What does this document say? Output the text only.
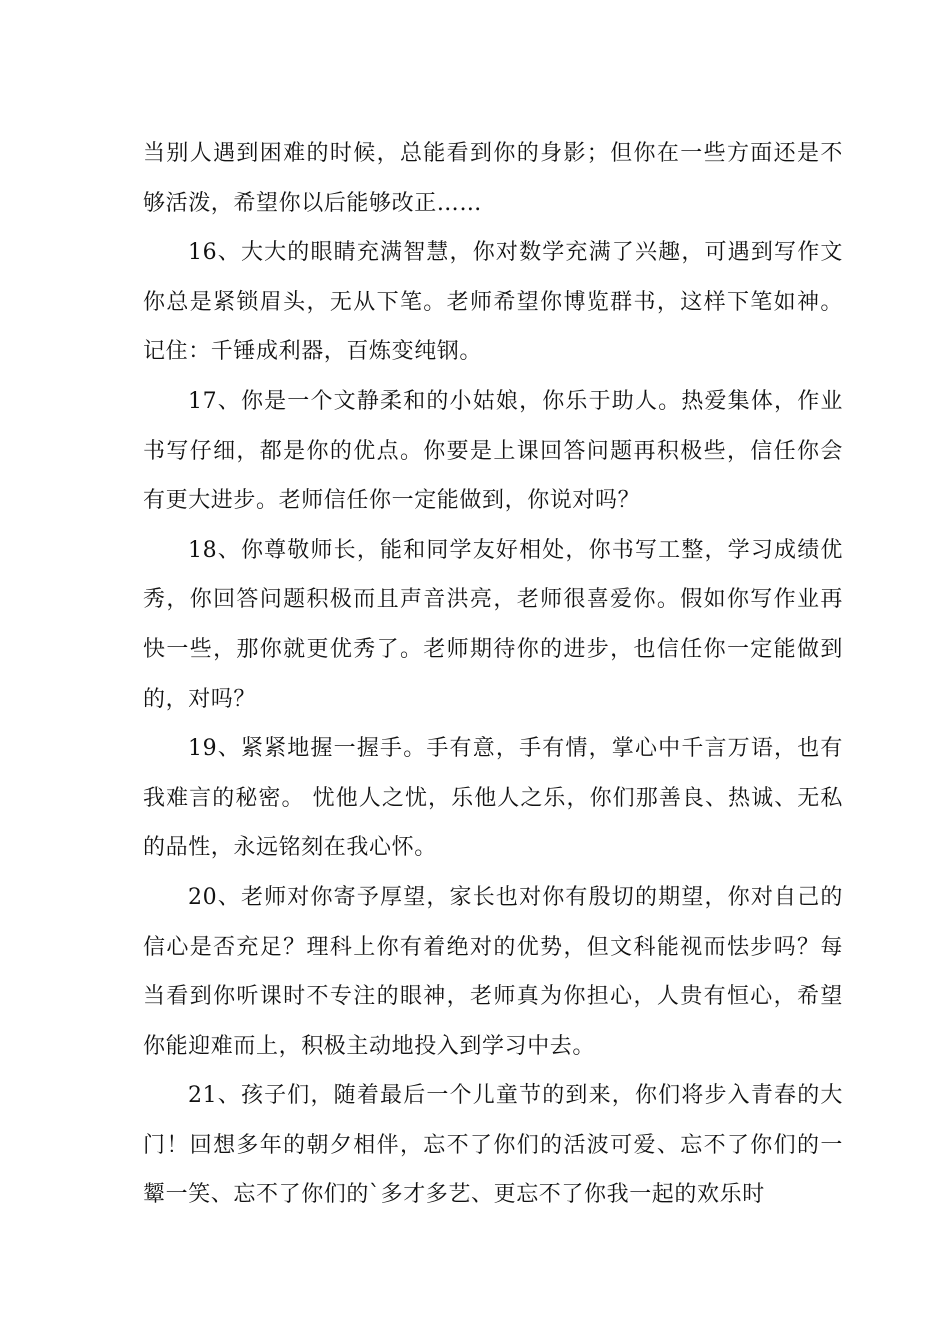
当别人遇到困难的时候，总能看到你的身影；但你在一些方面还是不够活泼，希望你以后能够改正……

16、大大的眼睛充满智慧，你对数学充满了兴趣，可遇到写作文你总是紧锁眉头，无从下笔。老师希望你博览群书，这样下笔如神。记住：千锤成利器，百炼变纯钢。

17、你是一个文静柔和的小姑娘，你乐于助人。热爱集体，作业书写仔细，都是你的优点。你要是上课回答问题再积极些，信任你会有更大进步。老师信任你一定能做到，你说对吗？

18、你尊敬师长，能和同学友好相处，你书写工整，学习成绩优秀，你回答问题积极而且声音洪亮，老师很喜爱你。假如你写作业再快一些，那你就更优秀了。老师期待你的进步，也信任你一定能做到的，对吗？

19、紧紧地握一握手。手有意，手有情，掌心中千言万语，也有我难言的秘密。 忧他人之忧，乐他人之乐，你们那善良、热诚、无私的品性，永远铭刻在我心怀。

20、老师对你寄予厚望，家长也对你有殷切的期望，你对自己的信心是否充足？理科上你有着绝对的优势，但文科能视而怯步吗？每当看到你听课时不专注的眼神，老师真为你担心，人贵有恒心，希望你能迎难而上，积极主动地投入到学习中去。

21、孩子们，随着最后一个儿童节的到来，你们将步入青春的大门！回想多年的朝夕相伴，忘不了你们的活波可爱、忘不了你们的一颦一笑、忘不了你们的`多才多艺、更忘不了你我一起的欢乐时
